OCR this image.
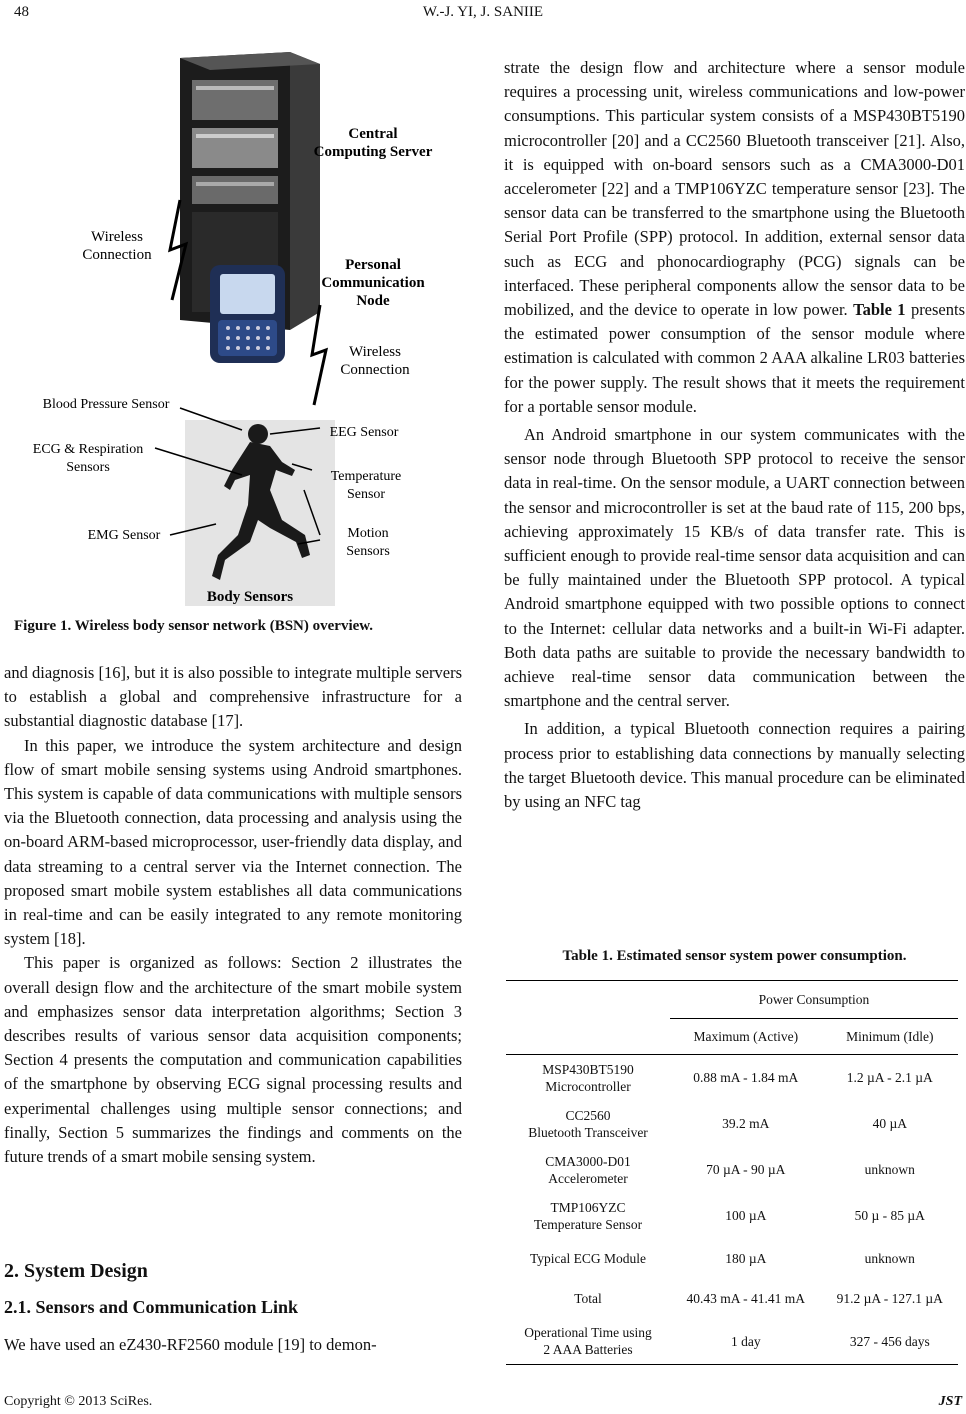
48	W.-J. YI, J. SANIIE
Central
Computing Server
Wireless
Connection
Personal
Communication
Node
Wireless
Connection
Body Sensors
Blood Pressure Sensor
ECG & Respiration
Sensors
EEG Sensor
Temperature
Sensor
EMG Sensor	Motion
Sensors
Figure 1. Wireless body sensor network (BSN) overview.

and diagnosis [16], but it is also possible to integrate multiple servers to establish a global and comprehensive infrastructure for a substantial diagnostic database [17].

In this paper, we introduce the system architecture and design flow of smart mobile sensing systems using Android smartphones. This system is capable of data communications with multiple sensors via the Bluetooth connection, data processing and analysis using the on-board ARM-based microprocessor, user-friendly data display, and data streaming to a central server via the Internet connection. The proposed smart mobile system establishes all data communications in real-time and can be easily integrated to any remote monitoring system [18].

This paper is organized as follows: Section 2 illustrates the overall design flow and the architecture of the smart mobile system and emphasizes sensor data interpretation algorithms; Section 3 describes results of various sensor data acquisition components; Section 4 presents the computation and communication capabilities of the smartphone by observing ECG signal processing results and experimental challenges using multiple sensor connections; and finally, Section 5 summarizes the findings and comments on the future trends of a smart mobile sensing system.

2. System Design
2.1. Sensors and Communication Link

We have used an eZ430-RF2560 module [19] to demon-

strate the design flow and architecture where a sensor module requires a processing unit, wireless communications and low-power consumptions. This particular system consists of a MSP430BT5190 microcontroller [20] and a CC2560 Bluetooth transceiver [21]. Also, it is equipped with on-board sensors such as a CMA3000-D01 accelerometer [22] and a TMP106YZC temperature sensor [23]. The sensor data can be transferred to the smartphone using the Bluetooth Serial Port Profile (SPP) protocol. In addition, external sensor data such as ECG and phonocardiography (PCG) signals can be interfaced. These peripheral components allow the sensor data to be mobilized, and the device to operate in low power. Table 1 presents the estimated power consumption of the sensor module where estimation is calculated with common 2 AAA alkaline LR03 batteries for the power supply. The result shows that it meets the requirement for a portable sensor module.

An Android smartphone in our system communicates with the sensor node through Bluetooth SPP protocol to receive the sensor data in real-time. On the sensor module, a UART connection between the sensor and microcontroller is set at the baud rate of 115, 200 bps, achieving approximately 15 KB/s of data transfer rate. This is sufficient enough to provide real-time sensor data acquisition and can be fully maintained under the Bluetooth SPP protocol. A typical Android smartphone equipped with two possible options to connect to the Internet: cellular data networks and a built-in Wi-Fi adapter. Both data paths are suitable to provide the necessary bandwidth to achieve real-time sensor data communication between the smartphone and the central server.

In addition, a typical Bluetooth connection requires a pairing process prior to establishing data connections by manually selecting the target Bluetooth device. This manual procedure can be eliminated by using an NFC tag

Table 1. Estimated sensor system power consumption.
	Power Consumption	
	Maximum (Active)	Minimum (Idle)
MSP430BT5190
Microcontroller	0.88 mA - 1.84 mA	1.2 µA - 2.1 µA
CC2560
Bluetooth Transceiver	39.2 mA	40 µA
CMA3000-D01
Accelerometer	70 µA - 90 µA	unknown
TMP106YZC
Temperature Sensor	100 µA	50 µ - 85 µA
Typical ECG Module	180 µA	unknown
Total	40.43 mA - 41.41 mA	91.2 µA - 127.1 µA
Operational Time using
2 AAA Batteries	1 day	327 - 456 days
Copyright © 2013 SciRes.	JST
